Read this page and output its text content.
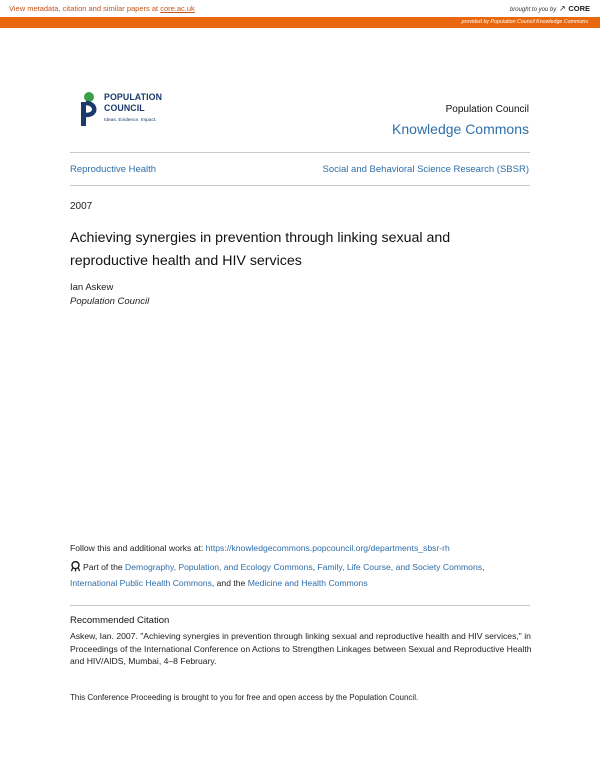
View metadata, citation and similar papers at core.ac.uk	brought to you by ↗ CORE
provided by Population Council Knowledge Commons
POPULATION
COUNCIL
Ideas. Evidence. Impact.
Population Council
Knowledge Commons
Reproductive Health	Social and Behavioral Science Research (SBSR)
2007
Achieving synergies in prevention through linking sexual and reproductive health and HIV services
Ian Askew
Population Council
Follow this and additional works at: https://knowledgecommons.popcouncil.org/departments_sbsr-rh
Part of the Demography, Population, and Ecology Commons, Family, Life Course, and Society Commons, International Public Health Commons, and the Medicine and Health Commons
Recommended Citation
Askew, Ian. 2007. "Achieving synergies in prevention through linking sexual and reproductive health and HIV services," in Proceedings of the International Conference on Actions to Strengthen Linkages between Sexual and Reproductive Health and HIV/AIDS, Mumbai, 4–8 February.
This Conference Proceeding is brought to you for free and open access by the Population Council.
